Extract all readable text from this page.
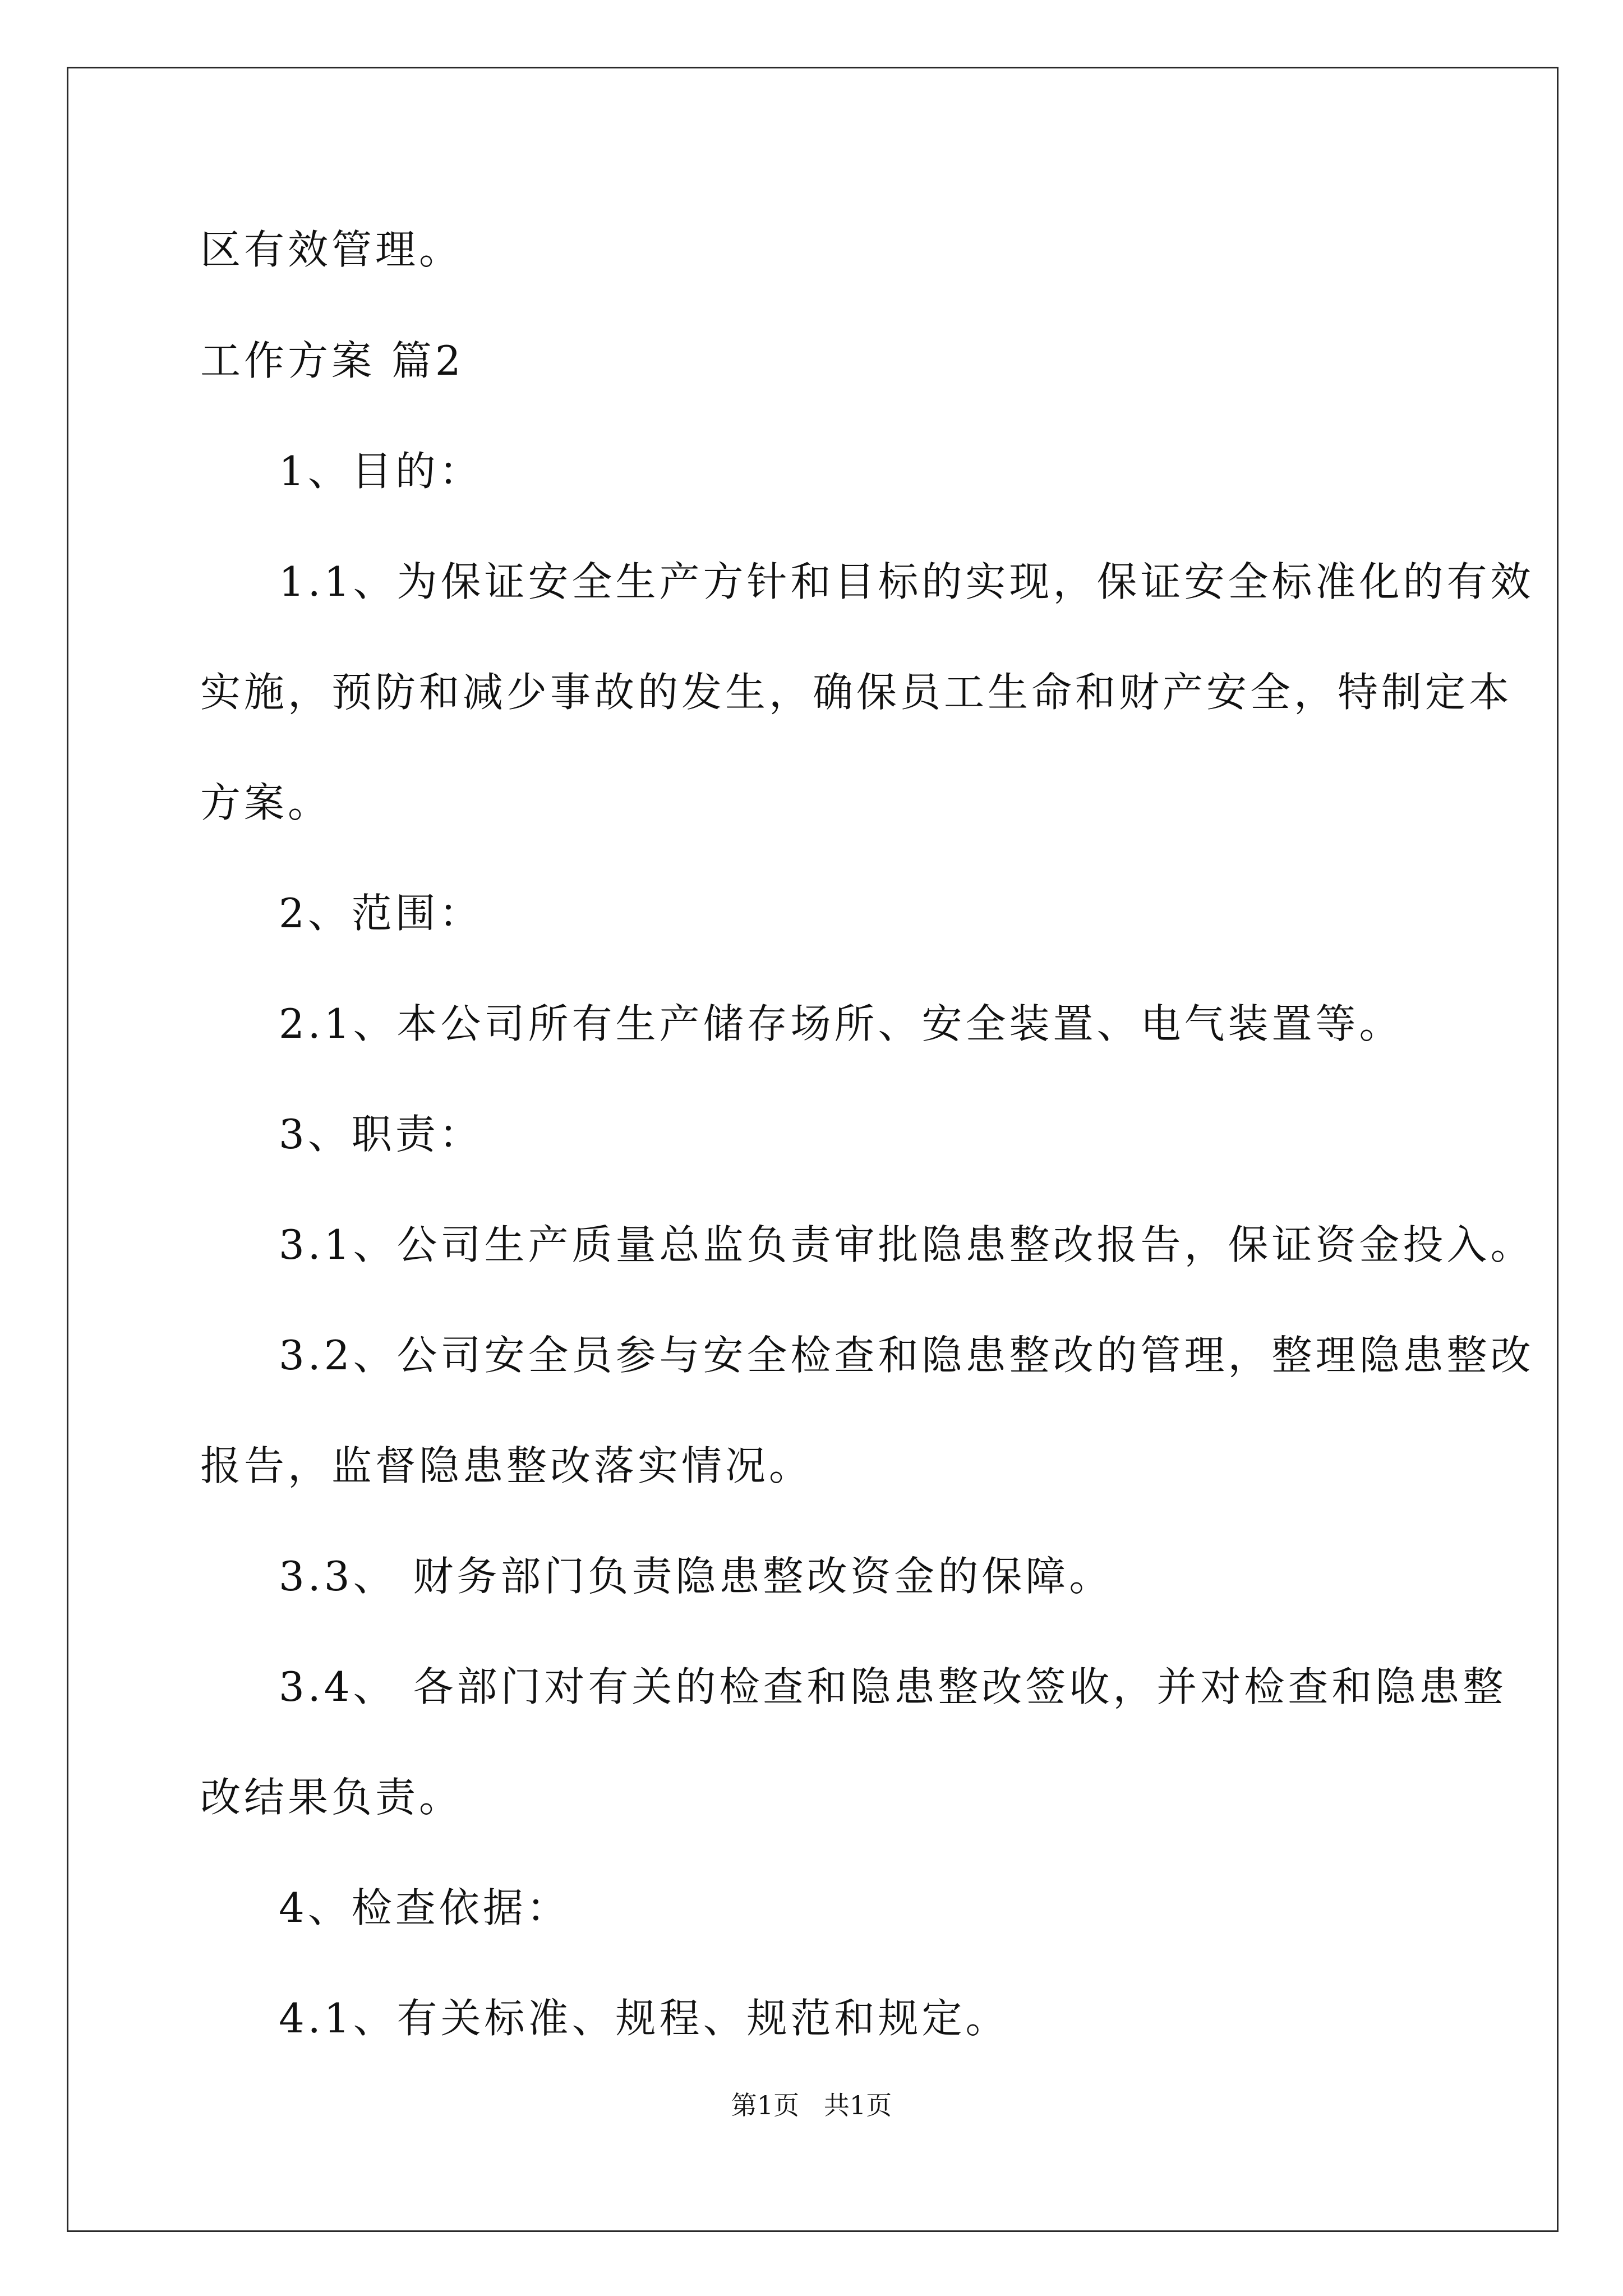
区有效管理。
工作方案 篇2
1、目的：
1.1、为保证安全生产方针和目标的实现，保证安全标准化的有效
实施，预防和减少事故的发生，确保员工生命和财产安全，特制定本
方案。
2、范围：
2.1、本公司所有生产储存场所、安全装置、电气装置等。
3、职责：
3.1、公司生产质量总监负责审批隐患整改报告，保证资金投入。
3.2、公司安全员参与安全检查和隐患整改的管理，整理隐患整改
报告，监督隐患整改落实情况。
3.3、 财务部门负责隐患整改资金的保障。
3.4、 各部门对有关的检查和隐患整改签收，并对检查和隐患整
改结果负责。
4、检查依据：
4.1、有关标准、规程、规范和规定。
第1页   共1页
